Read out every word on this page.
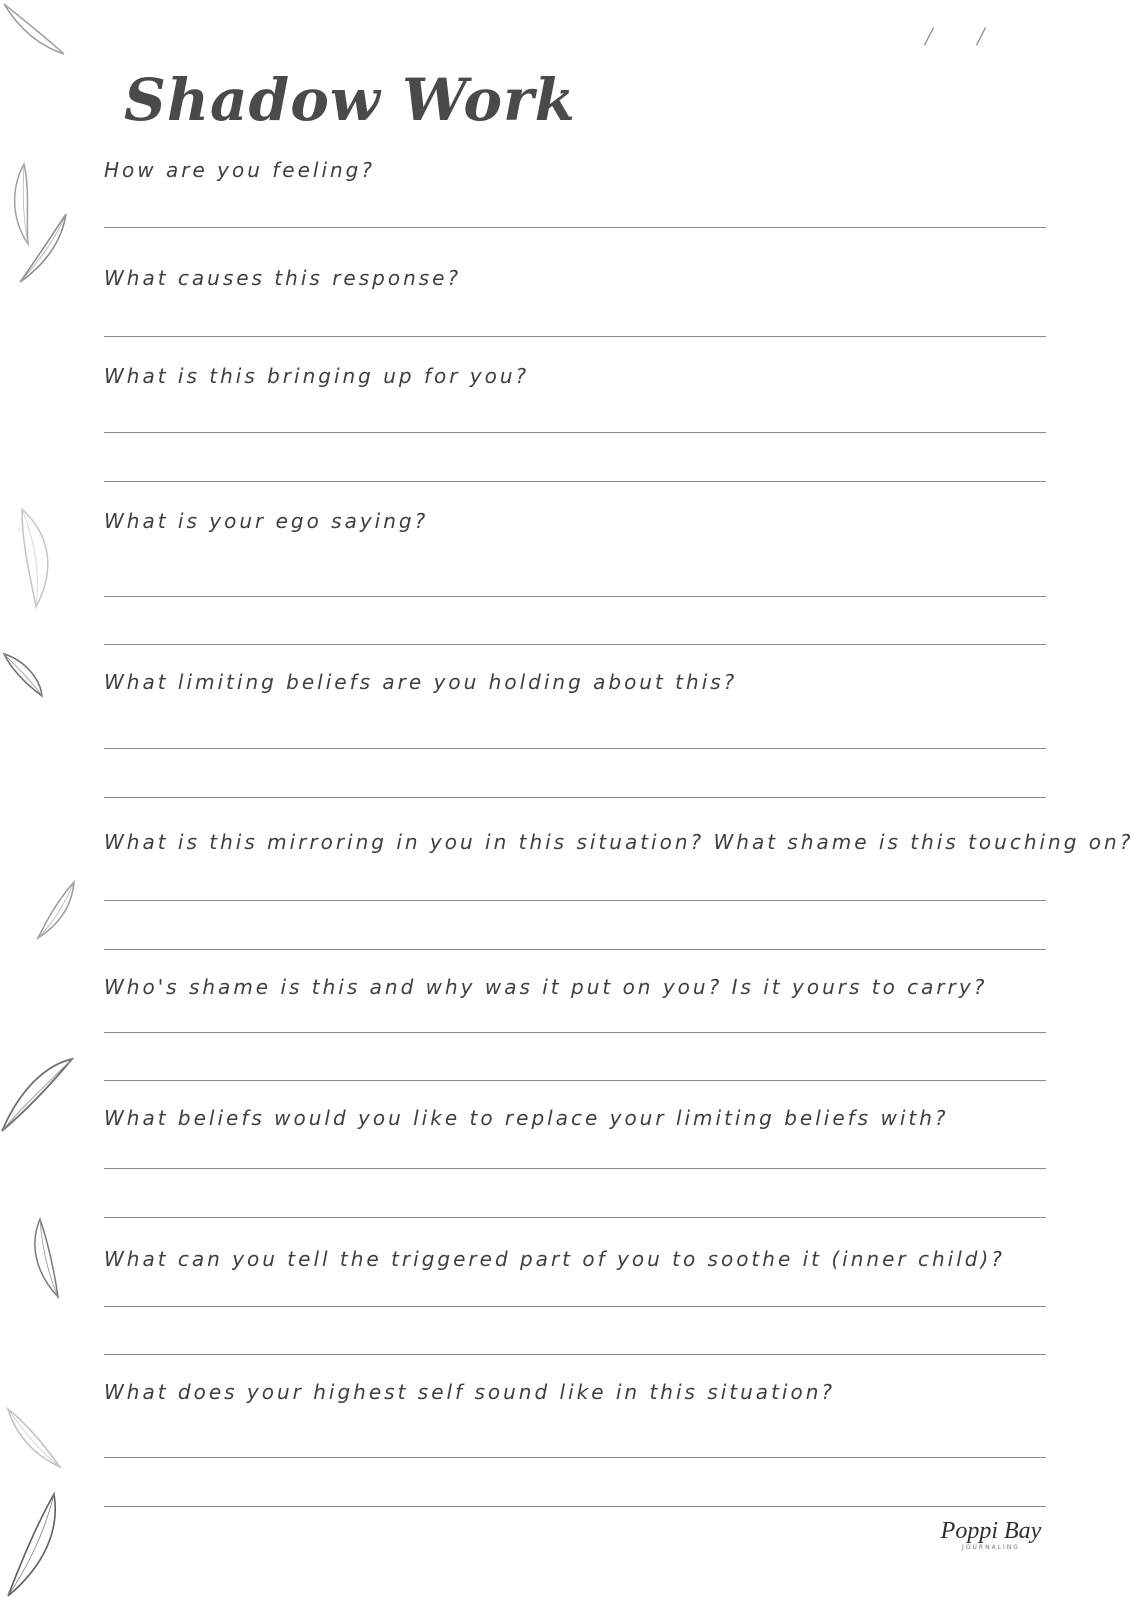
/ /
Shadow Work

How are you feeling?

What causes this response?

What is this bringing up for you?

What is your ego saying?

What limiting beliefs are you holding about this?

What is this mirroring in you in this situation? What shame is this touching on?

Who's shame is this and why was it put on you? Is it yours to carry?

What beliefs would you like to replace your limiting beliefs with?

What can you tell the triggered part of you to soothe it (inner child)?

What does your highest self sound like in this situation?

Poppi Bay
JOURNALING
